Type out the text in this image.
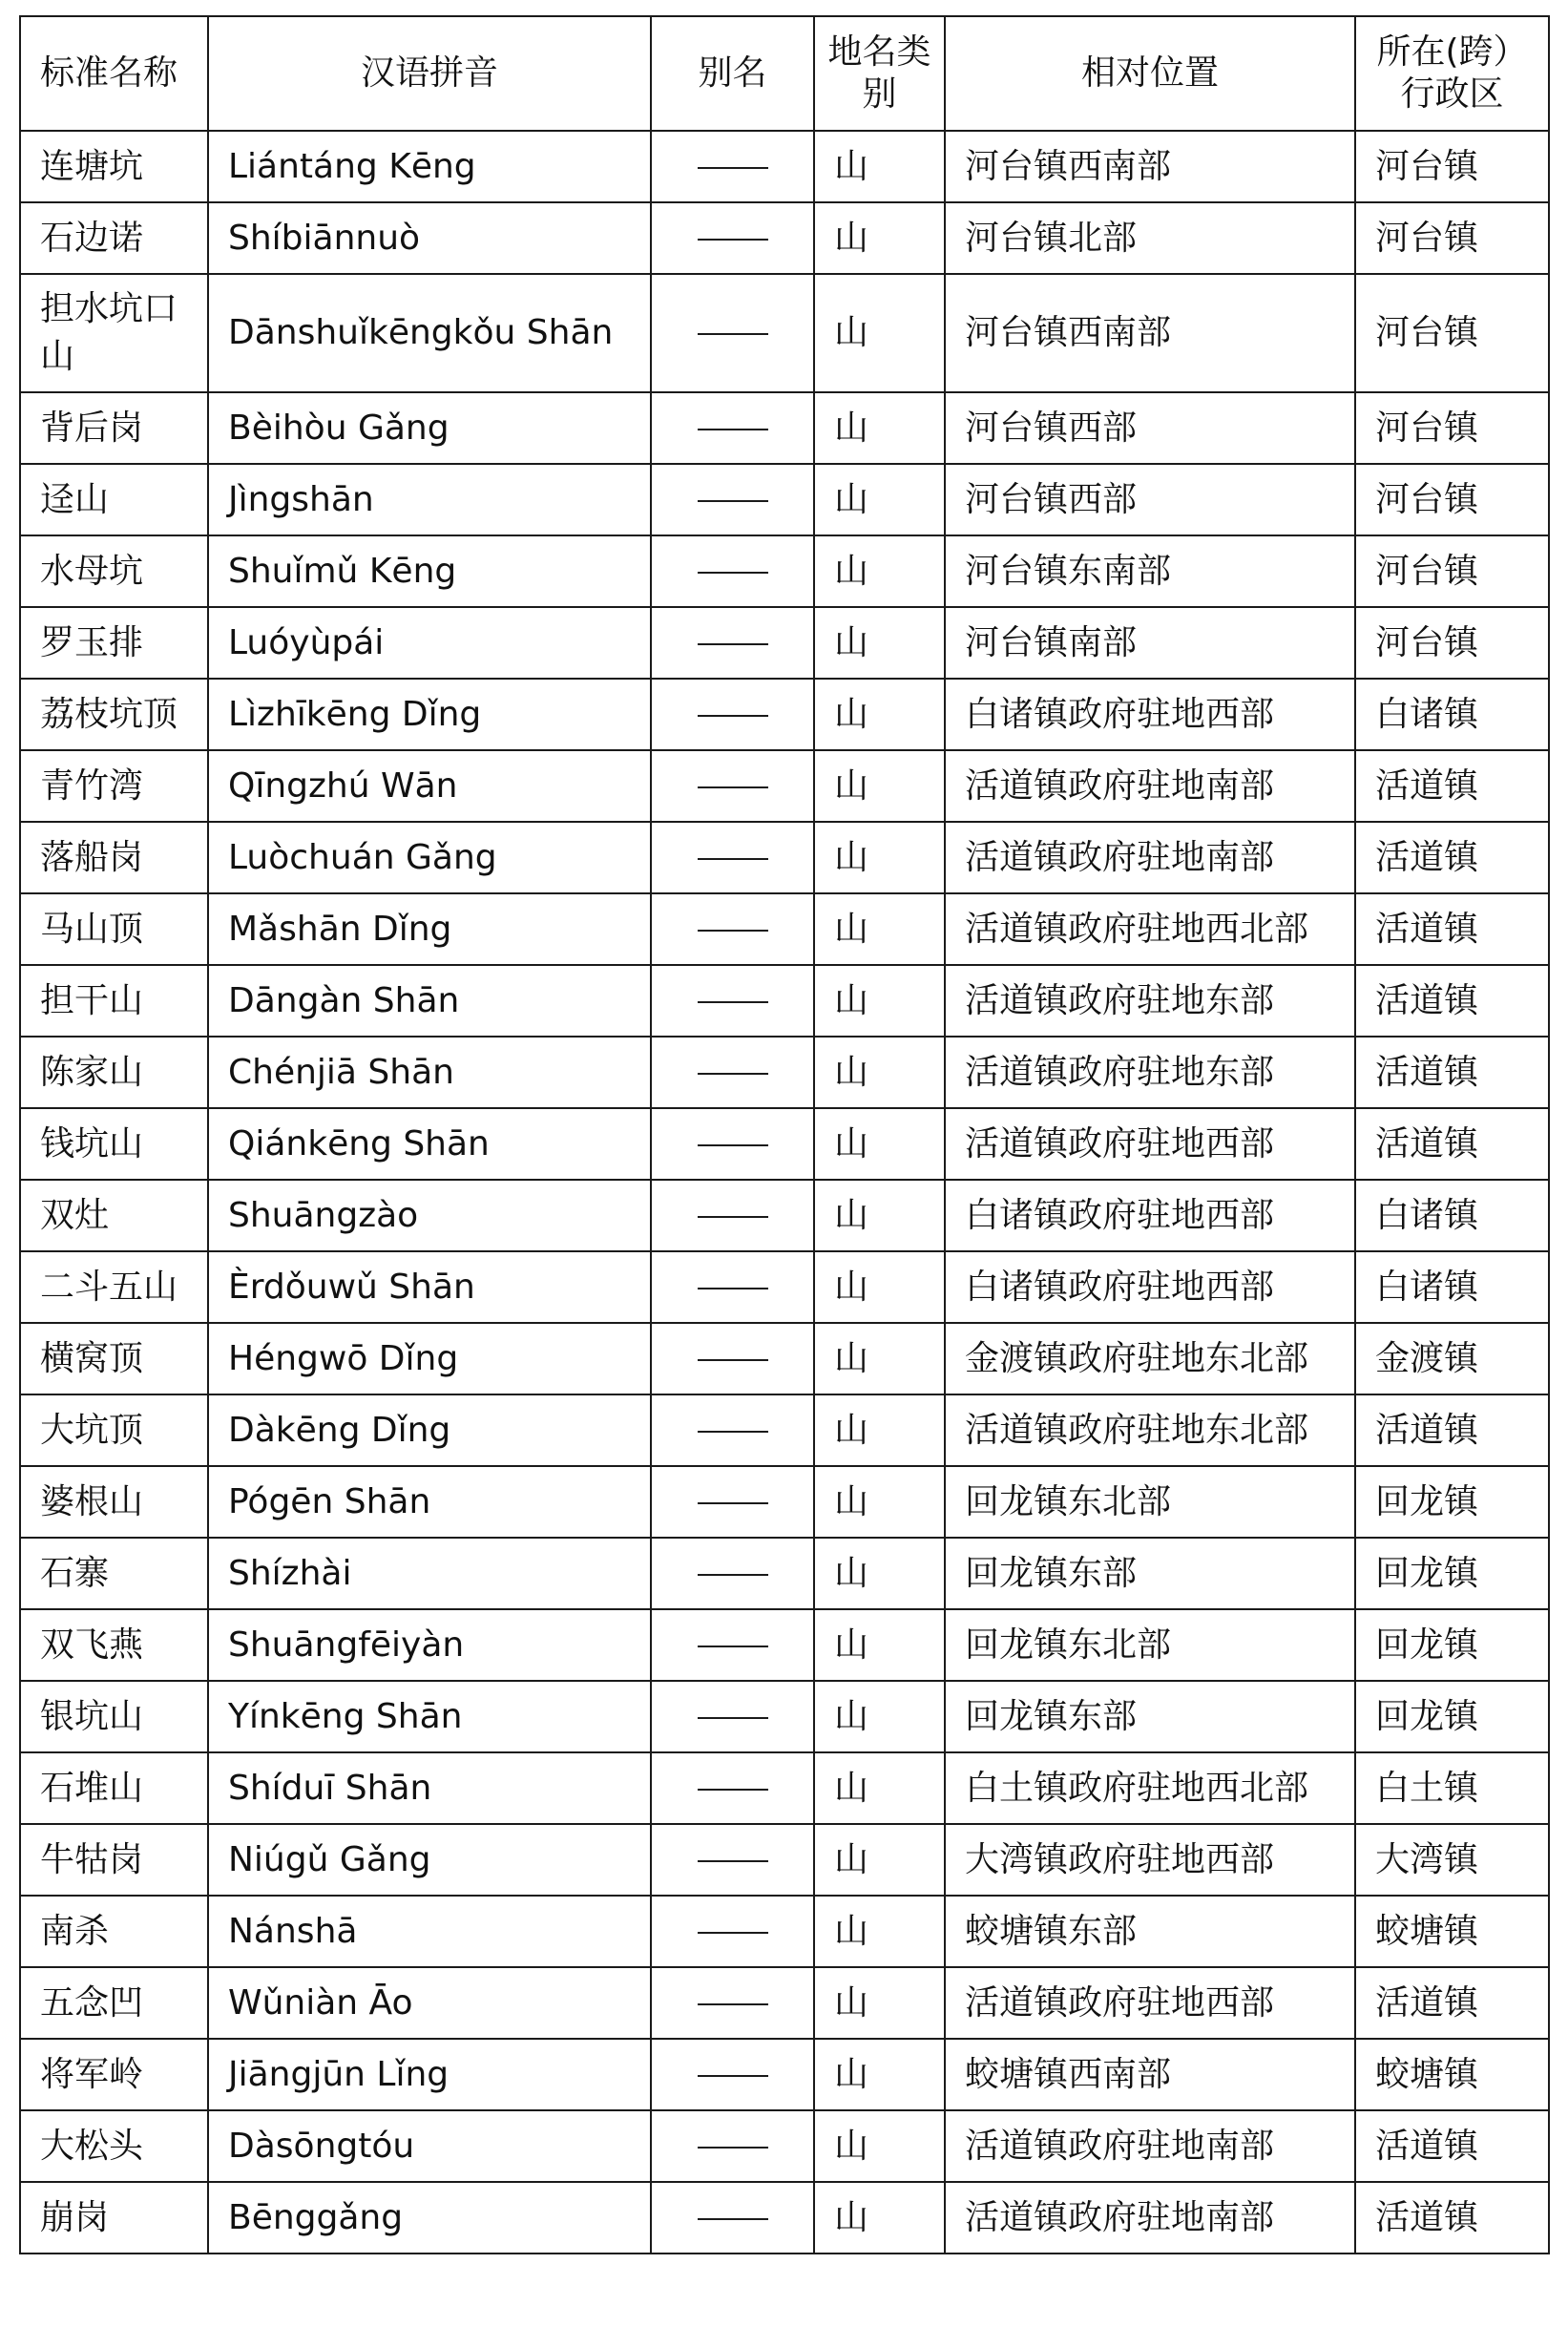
标准名称	汉语拼音	别名	地名类别	相对位置	所在(跨）行政区
连塘坑	Liántáng Kēng		山	河台镇西南部	河台镇
石边诺	Shíbiānnuò		山	河台镇北部	河台镇
担水坑口山	Dānshuǐkēngkǒu Shān		山	河台镇西南部	河台镇
背后岗	Bèihòu Gǎng		山	河台镇西部	河台镇
迳山	Jìngshān		山	河台镇西部	河台镇
水母坑	Shuǐmǔ Kēng		山	河台镇东南部	河台镇
罗玉排	Luóyùpái		山	河台镇南部	河台镇
荔枝坑顶	Lìzhīkēng Dǐng		山	白诸镇政府驻地西部	白诸镇
青竹湾	Qīngzhú Wān		山	活道镇政府驻地南部	活道镇
落船岗	Luòchuán Gǎng		山	活道镇政府驻地南部	活道镇
马山顶	Mǎshān Dǐng		山	活道镇政府驻地西北部	活道镇
担干山	Dāngàn Shān		山	活道镇政府驻地东部	活道镇
陈家山	Chénjiā Shān		山	活道镇政府驻地东部	活道镇
钱坑山	Qiánkēng Shān		山	活道镇政府驻地西部	活道镇
双灶	Shuāngzào		山	白诸镇政府驻地西部	白诸镇
二斗五山	Èrdǒuwǔ Shān		山	白诸镇政府驻地西部	白诸镇
横窝顶	Héngwō Dǐng		山	金渡镇政府驻地东北部	金渡镇
大坑顶	Dàkēng Dǐng		山	活道镇政府驻地东北部	活道镇
婆根山	Pógēn Shān		山	回龙镇东北部	回龙镇
石寨	Shízhài		山	回龙镇东部	回龙镇
双飞燕	Shuāngfēiyàn		山	回龙镇东北部	回龙镇
银坑山	Yínkēng Shān		山	回龙镇东部	回龙镇
石堆山	Shíduī Shān		山	白土镇政府驻地西北部	白土镇
牛牯岗	Niúgǔ Gǎng		山	大湾镇政府驻地西部	大湾镇
南杀	Nánshā		山	蛟塘镇东部	蛟塘镇
五念凹	Wǔniàn Āo		山	活道镇政府驻地西部	活道镇
将军岭	Jiāngjūn Lǐng		山	蛟塘镇西南部	蛟塘镇
大松头	Dàsōngtóu		山	活道镇政府驻地南部	活道镇
崩岗	Bēnggǎng		山	活道镇政府驻地南部	活道镇
